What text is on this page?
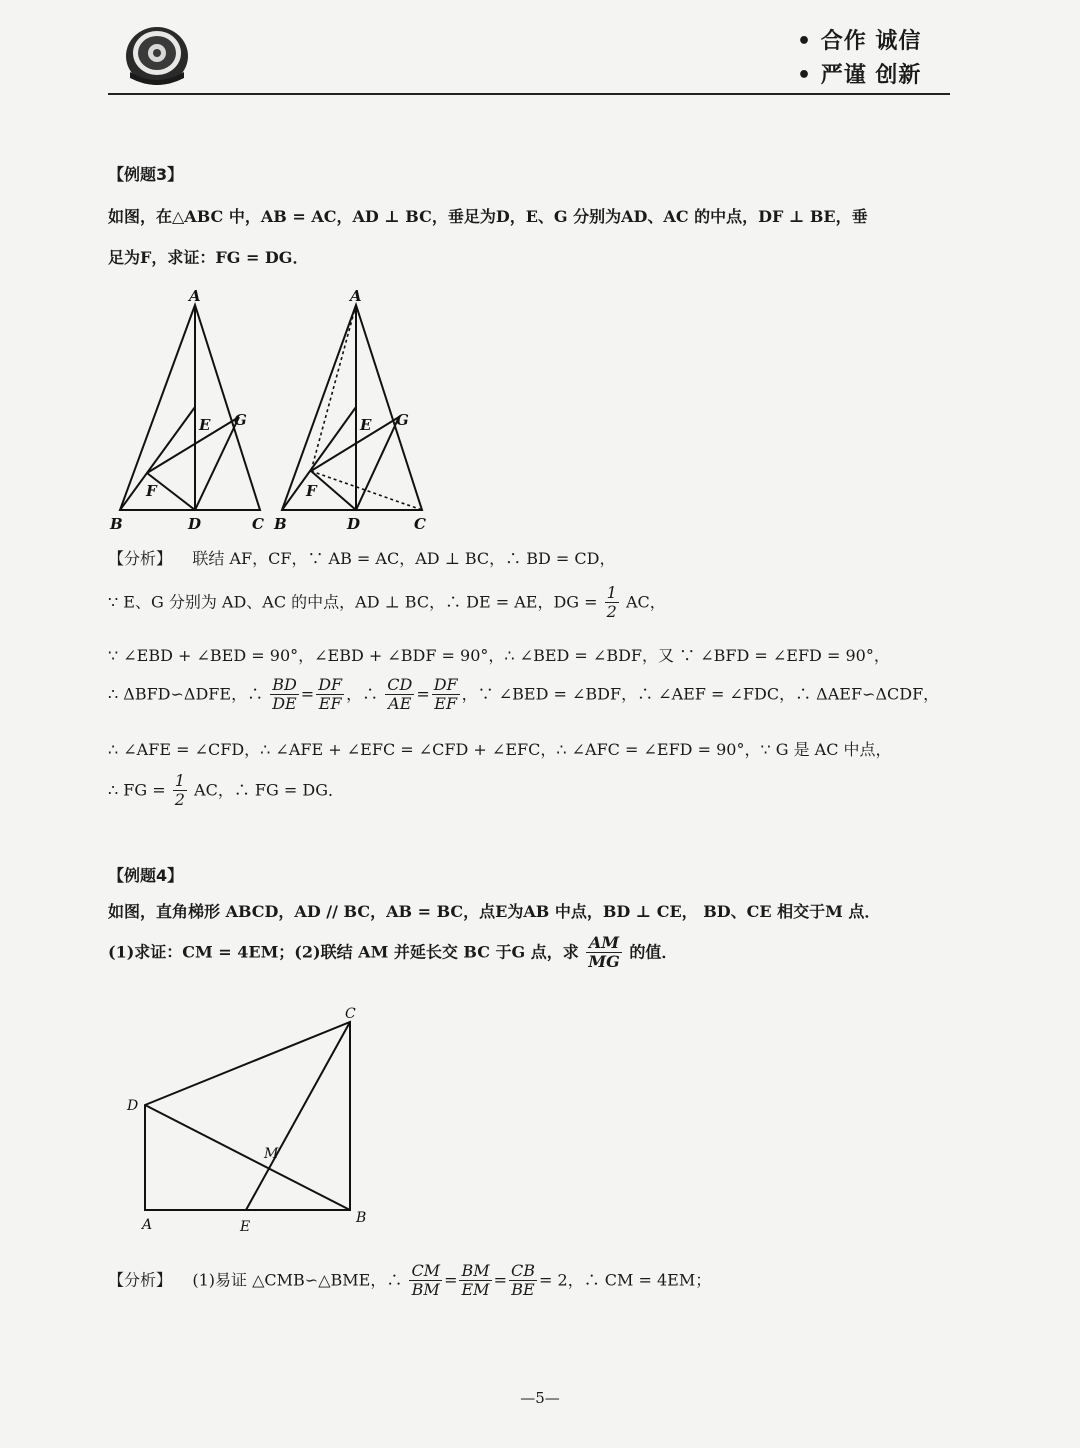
• 合作 诚信
• 严谨 创新
【例题3】
如图，在△ABC 中，AB = AC，AD ⊥ BC，垂足为D，E、G 分别为AD、AC 的中点，DF ⊥ BE，垂
足为F，求证：FG = DG．
A
B	C
D
E
F
G
A
B	C
D
E
F
G
【分析】 联结 AF，CF，∵ AB = AC，AD ⊥ BC，∴ BD = CD，
∵ E、G 分别为 AD、AC 的中点，AD ⊥ BC，∴ DE = AE，DG = $\frac{1}{2}$ AC，
∵ ∠EBD + ∠BED = 90°，∠EBD + ∠BDF = 90°，∴ ∠BED = ∠BDF，又 ∵ ∠BFD = ∠EFD = 90°，
∴ ΔBFD∽ΔDFE，∴ $\frac{BD}{DE} = \frac{DF}{EF}$ ，∴ $\frac{CD}{AE} = \frac{DF}{EF}$ ，∵ ∠BED = ∠BDF，∴ ∠AEF = ∠FDC，∴ ΔAEF∽ΔCDF，
∴ ∠AFE = ∠CFD，∴ ∠AFE + ∠EFC = ∠CFD + ∠EFC，∴ ∠AFC = ∠EFD = 90°，∵ G 是 AC 中点，
∴ FG = $\frac{1}{2}$ AC，∴ FG = DG．
【例题4】
如图，直角梯形 ABCD，AD // BC，AB = BC，点E为AB 中点，BD ⊥ CE， BD、CE 相交于M 点．
(1)求证：CM = 4EM；(2)联结 AM 并延长交 BC 于G 点，求 $\frac{AM}{MG}$ 的值．
A	B
C
D
E
M
【分析】 (1)易证 △CMB∽△BME，∴ $\frac{CM}{BM} = \frac{BM}{EM} = \frac{CB}{BE} = 2$，∴ CM = 4EM；
—5—
